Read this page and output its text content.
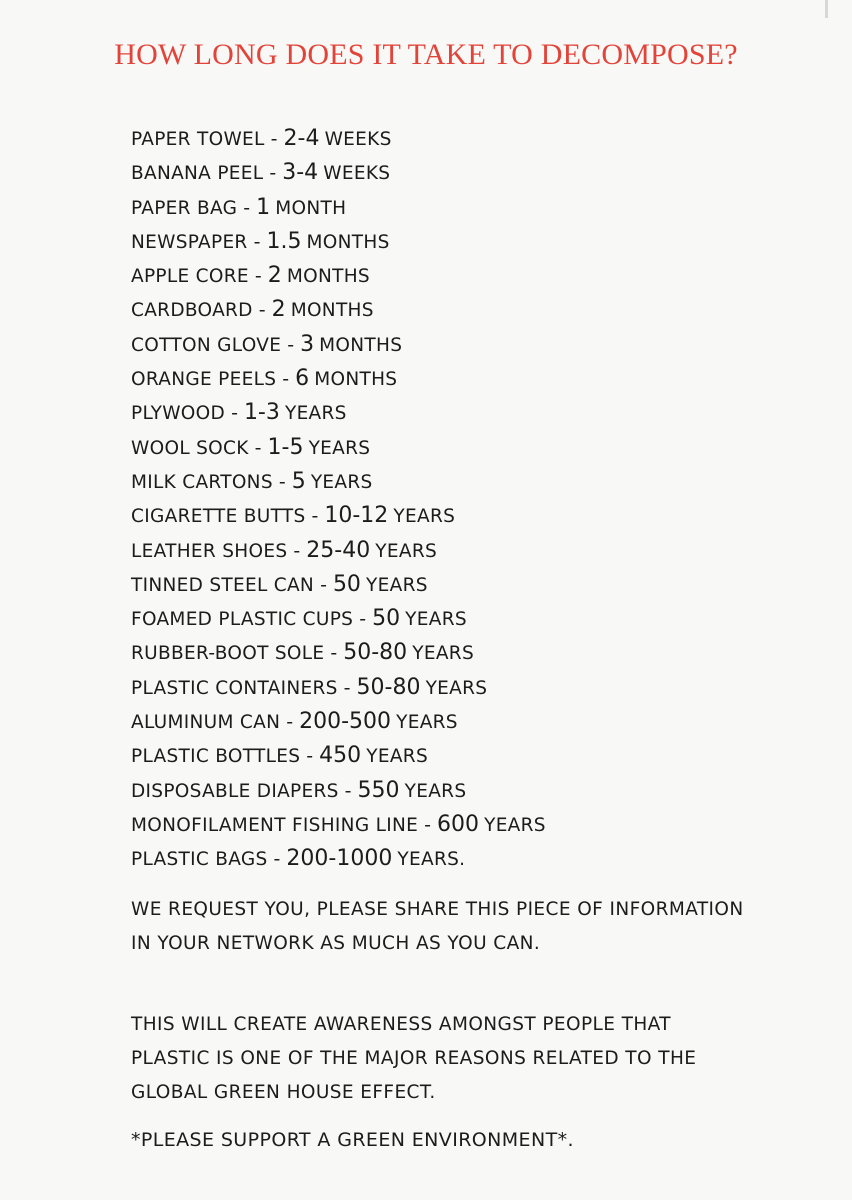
HOW LONG DOES IT TAKE TO DECOMPOSE?
PAPER TOWEL - 2-4 WEEKS
BANANA PEEL - 3-4 WEEKS
PAPER BAG - 1 MONTH
NEWSPAPER - 1.5 MONTHS
APPLE CORE - 2 MONTHS
CARDBOARD - 2 MONTHS
COTTON GLOVE - 3 MONTHS
ORANGE PEELS - 6 MONTHS
PLYWOOD - 1-3 YEARS
WOOL SOCK - 1-5 YEARS
MILK CARTONS - 5 YEARS
CIGARETTE BUTTS - 10-12 YEARS
LEATHER SHOES - 25-40 YEARS
TINNED STEEL CAN - 50 YEARS
FOAMED PLASTIC CUPS - 50 YEARS
RUBBER-BOOT SOLE - 50-80 YEARS
PLASTIC CONTAINERS - 50-80 YEARS
ALUMINUM CAN - 200-500 YEARS
PLASTIC BOTTLES - 450 YEARS
DISPOSABLE DIAPERS - 550 YEARS
MONOFILAMENT FISHING LINE - 600 YEARS
PLASTIC BAGS - 200-1000 YEARS.

WE REQUEST YOU, PLEASE SHARE THIS PIECE OF INFORMATION IN YOUR NETWORK AS MUCH AS YOU CAN.

THIS WILL CREATE AWARENESS AMONGST PEOPLE THAT PLASTIC IS ONE OF THE MAJOR REASONS RELATED TO THE GLOBAL GREEN HOUSE EFFECT.

*PLEASE SUPPORT A GREEN ENVIRONMENT*.
